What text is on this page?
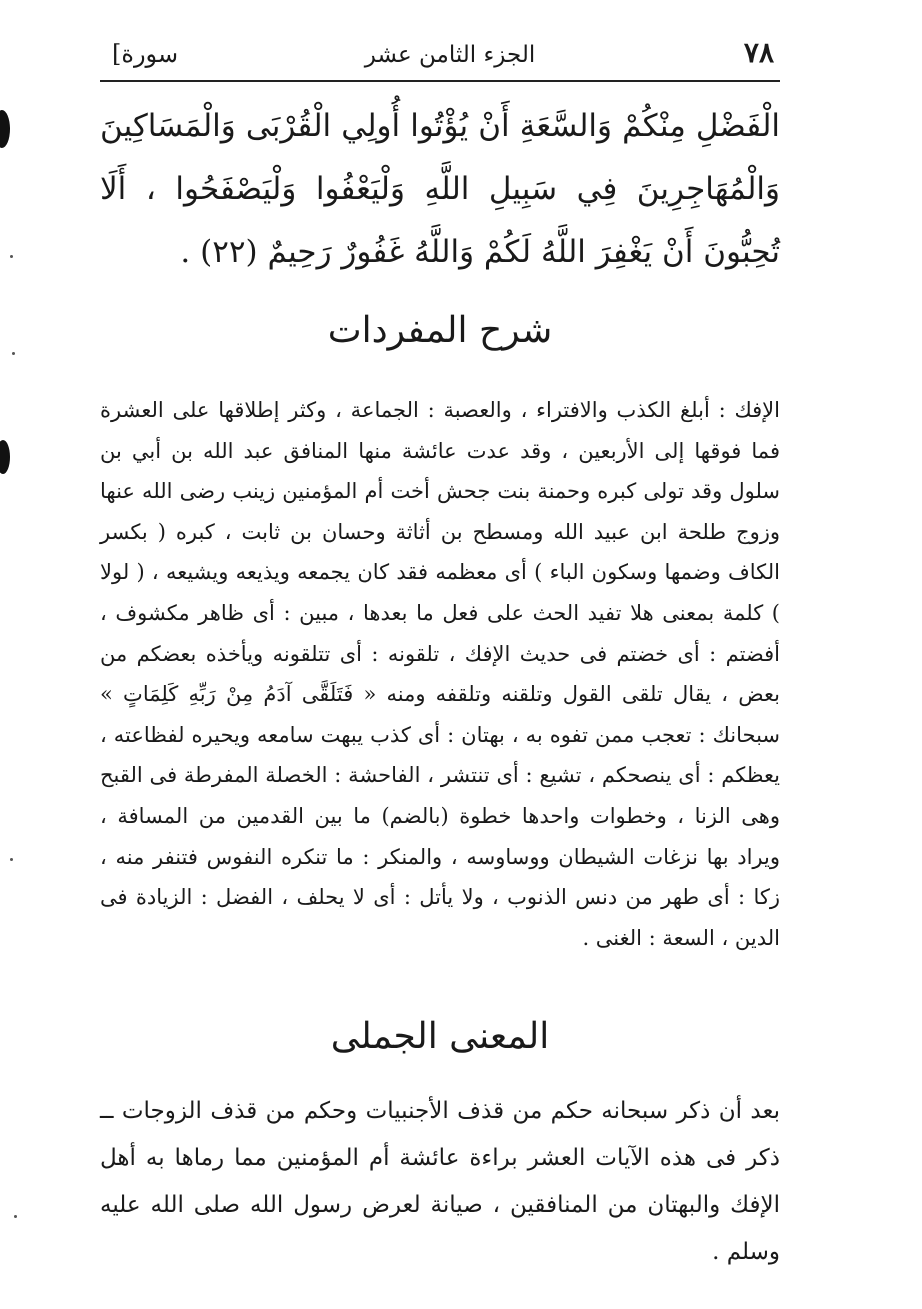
[سورة	الجزء الثامن عشر	٧٨
الْفَضْلِ مِنْكُمْ وَالسَّعَةِ أَنْ يُؤْتُوا أُولِي الْقُرْبَى وَالْمَسَاكِينَ وَالْمُهَاجِرِينَ فِي سَبِيلِ اللَّهِ وَلْيَعْفُوا وَلْيَصْفَحُوا ، أَلَا تُحِبُّونَ أَنْ يَغْفِرَ اللَّهُ لَكُمْ وَاللَّهُ غَفُورٌ رَحِيمٌ (٢٢) .
شرح المفردات
الإفك : أبلغ الكذب والافتراء ، والعصبة : الجماعة ، وكثر إطلاقها على العشرة فما فوقها إلى الأربعين ، وقد عدت عائشة منها المنافق عبد الله بن أبي بن سلول وقد تولى كبره وحمنة بنت جحش أخت أم المؤمنين زينب رضى الله عنها وزوج طلحة ابن عبيد الله ومسطح بن أثاثة وحسان بن ثابت ، كبره ( بكسر الكاف وضمها وسكون الباء ) أى معظمه فقد كان يجمعه ويذيعه ويشيعه ، ( لولا ) كلمة بمعنى هلا تفيد الحث على فعل ما بعدها ، مبين : أى ظاهر مكشوف ، أفضتم : أى خضتم فى حديث الإفك ، تلقونه : أى تتلقونه ويأخذه بعضكم من بعض ، يقال تلقى القول وتلقنه وتلقفه ومنه « فَتَلَقَّى آدَمُ مِنْ رَبِّهِ كَلِمَاتٍ » سبحانك : تعجب ممن تفوه به ، بهتان : أى كذب يبهت سامعه ويحيره لفظاعته ، يعظكم : أى ينصحكم ، تشيع : أى تنتشر ، الفاحشة : الخصلة المفرطة فى القبح وهى الزنا ، وخطوات واحدها خطوة (بالضم) ما بين القدمين من المسافة ، ويراد بها نزغات الشيطان ووساوسه ، والمنكر : ما تنكره النفوس فتنفر منه ، زكا : أى طهر من دنس الذنوب ، ولا يأتل : أى لا يحلف ، الفضل : الزيادة فى الدين ، السعة : الغنى .
المعنى الجملى
بعد أن ذكر سبحانه حكم من قذف الأجنبيات وحكم من قذف الزوجات ــ ذكر فى هذه الآيات العشر براءة عائشة أم المؤمنين مما رماها به أهل الإفك والبهتان من المنافقين ، صيانة لعرض رسول الله صلى الله عليه وسلم .
